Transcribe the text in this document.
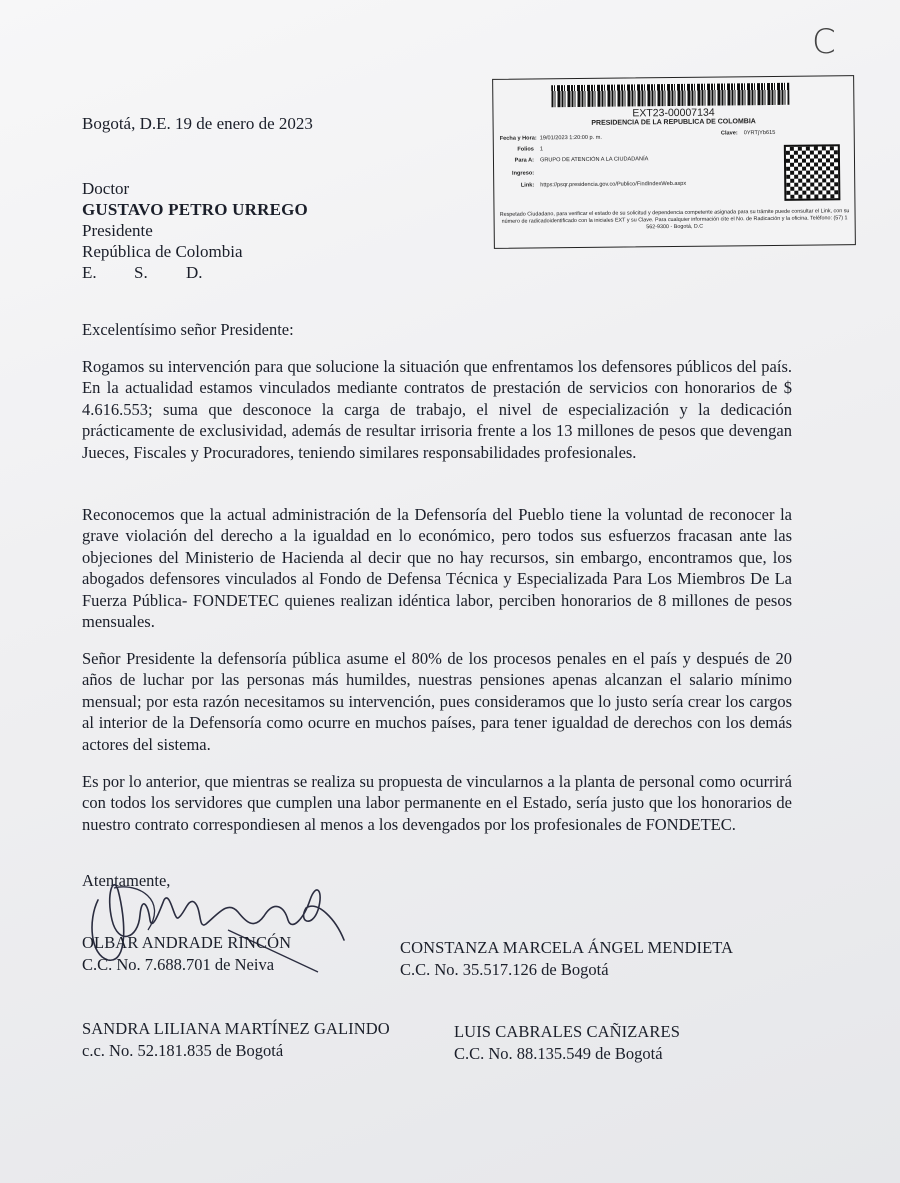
C
Bogotá, D.E. 19 de enero de 2023
Doctor
GUSTAVO PETRO URREGO
Presidente
República de Colombia
E.	S.	D.
EXT23-00007134
PRESIDENCIA DE LA REPUBLICA DE COLOMBIA
Fecha y Hora: 19/01/2023 1:20:00 p. m.
Clave: 0YRTjYb615
Folios 1
Para A: GRUPO DE ATENCIÓN A LA CIUDADANÍA
Ingreso:
Link: https://psqr.presidencia.gov.co/Publico/FindIndexWeb.aspx
Respetado Ciudadano, para verificar el estado de su solicitud y dependencia competente asignada para su trámite puede consultar el Link, con su número de radicadoidentificado con la iniciales EXT y su Clave. Para cualquier información cite el No. de Radicación y la oficina. Teléfono: (57) 1 562-9300 - Bogotá, D.C
Excelentísimo señor Presidente:
Rogamos su intervención para que solucione la situación que enfrentamos los defensores públicos del país. En la actualidad estamos vinculados mediante contratos de prestación de servicios con honorarios de $ 4.616.553; suma que desconoce la carga de trabajo, el nivel de especialización y la dedicación prácticamente de exclusividad, además de resultar irrisoria frente a los 13 millones de pesos que devengan Jueces, Fiscales y Procuradores, teniendo similares responsabilidades profesionales.
Reconocemos que la actual administración de la Defensoría del Pueblo tiene la voluntad de reconocer la grave violación del derecho a la igualdad en lo económico, pero todos sus esfuerzos fracasan ante las objeciones del Ministerio de Hacienda al decir que no hay recursos, sin embargo, encontramos que, los abogados defensores vinculados al Fondo de Defensa Técnica y Especializada Para Los Miembros De La Fuerza Pública- FONDETEC quienes realizan idéntica labor, perciben honorarios de 8 millones de pesos mensuales.
Señor Presidente la defensoría pública asume el 80% de los procesos penales en el país y después de 20 años de luchar por las personas más humildes, nuestras pensiones apenas alcanzan el salario mínimo mensual; por esta razón necesitamos su intervención, pues consideramos que lo justo sería crear los cargos al interior de la Defensoría como ocurre en muchos países, para tener igualdad de derechos con los demás actores del sistema.
Es por lo anterior, que mientras se realiza su propuesta de vincularnos a la planta de personal como ocurrirá con todos los servidores que cumplen una labor permanente en el Estado, sería justo que los honorarios de nuestro contrato correspondiesen al menos a los devengados por los profesionales de FONDETEC.
Atentamente,
OLBAR ANDRADE RINCÓN
C.C. No. 7.688.701 de Neiva
CONSTANZA MARCELA ÁNGEL MENDIETA
C.C. No. 35.517.126 de Bogotá
SANDRA LILIANA MARTÍNEZ GALINDO
c.c. No. 52.181.835 de Bogotá
LUIS CABRALES CAÑIZARES
C.C. No. 88.135.549 de Bogotá
